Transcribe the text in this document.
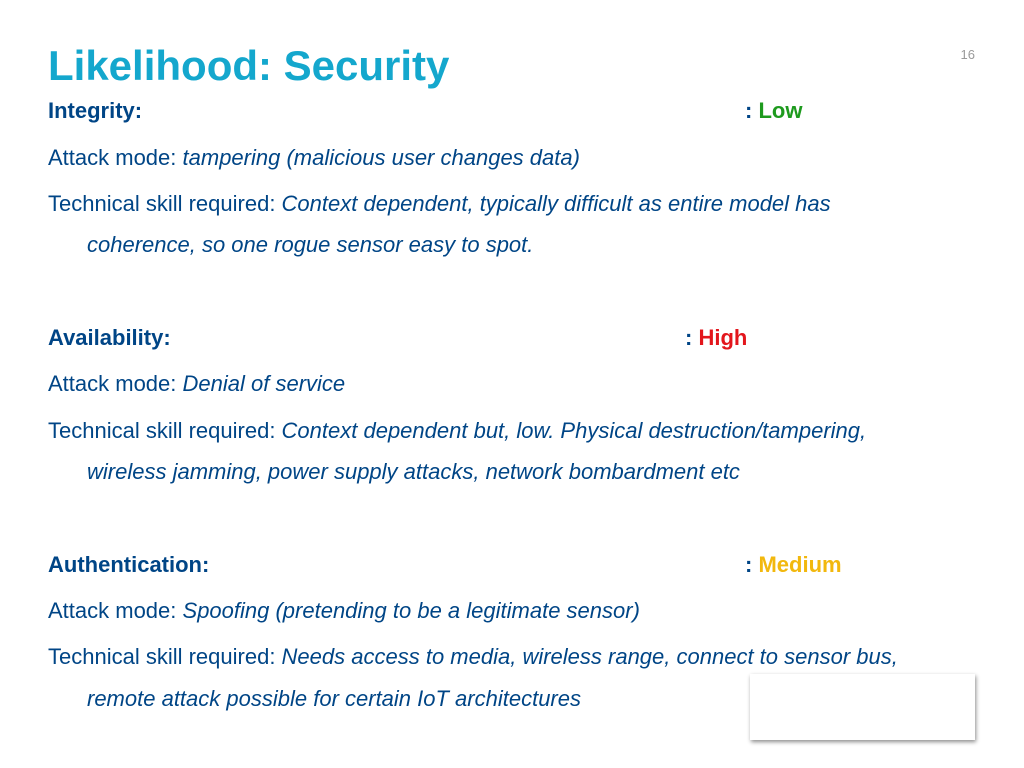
Likelihood: Security	16
Integrity:	: Low
Attack mode: tampering (malicious user changes data)
Technical skill required: Context dependent, typically difficult as entire model has
coherence, so one rogue sensor easy to spot.
Availability:	: High
Attack mode: Denial of service
Technical skill required: Context dependent but, low. Physical destruction/tampering,
wireless jamming, power supply attacks, network bombardment etc
Authentication:	: Medium
Attack mode: Spoofing (pretending to be a legitimate sensor)
Technical skill required: Needs access to media, wireless range, connect to sensor bus,
remote attack possible for certain IoT architectures
